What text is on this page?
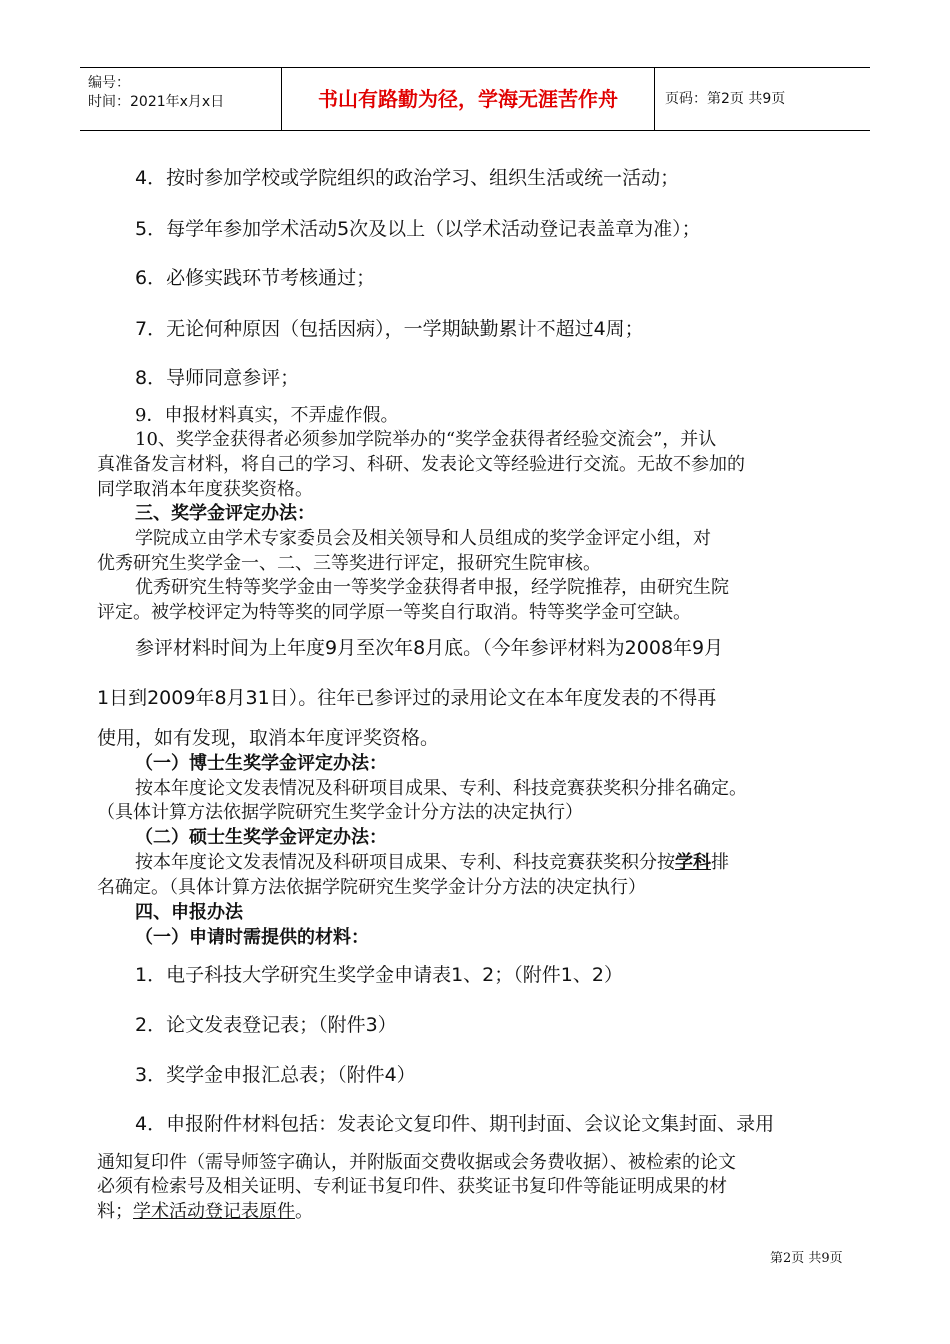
编号：
时间：2021年x月x日	书山有路勤为径，学海无涯苦作舟	页码：第2页 共9页
4．按时参加学校或学院组织的政治学习、组织生活或统一活动；
5．每学年参加学术活动5次及以上（以学术活动登记表盖章为准）；
6．必修实践环节考核通过；
7．无论何种原因（包括因病），一学期缺勤累计不超过4周；
8．导师同意参评；
9．申报材料真实，不弄虚作假。
10、奖学金获得者必须参加学院举办的“奖学金获得者经验交流会”，并认
真准备发言材料，将自己的学习、科研、发表论文等经验进行交流。无故不参加的
同学取消本年度获奖资格。
三、奖学金评定办法：
学院成立由学术专家委员会及相关领导和人员组成的奖学金评定小组，对
优秀研究生奖学金一、二、三等奖进行评定，报研究生院审核。
优秀研究生特等奖学金由一等奖学金获得者申报，经学院推荐，由研究生院
评定。被学校评定为特等奖的同学原一等奖自行取消。特等奖学金可空缺。
参评材料时间为上年度9月至次年8月底。（今年参评材料为2008年9月
1日到2009年8月31日）。往年已参评过的录用论文在本年度发表的不得再
使用，如有发现，取消本年度评奖资格。
（一）博士生奖学金评定办法：
按本年度论文发表情况及科研项目成果、专利、科技竞赛获奖积分排名确定。
（具体计算方法依据学院研究生奖学金计分方法的决定执行）
（二）硕士生奖学金评定办法：
按本年度论文发表情况及科研项目成果、专利、科技竞赛获奖积分按学科排
名确定。（具体计算方法依据学院研究生奖学金计分方法的决定执行）
四、申报办法
（一）申请时需提供的材料：
1．电子科技大学研究生奖学金申请表1、2；（附件1、2）
2．论文发表登记表；（附件3）
3．奖学金申报汇总表；（附件4）
4．申报附件材料包括：发表论文复印件、期刊封面、会议论文集封面、录用
通知复印件（需导师签字确认，并附版面交费收据或会务费收据）、被检索的论文
必须有检索号及相关证明、专利证书复印件、获奖证书复印件等能证明成果的材
料；学术活动登记表原件。
第2页 共9页
